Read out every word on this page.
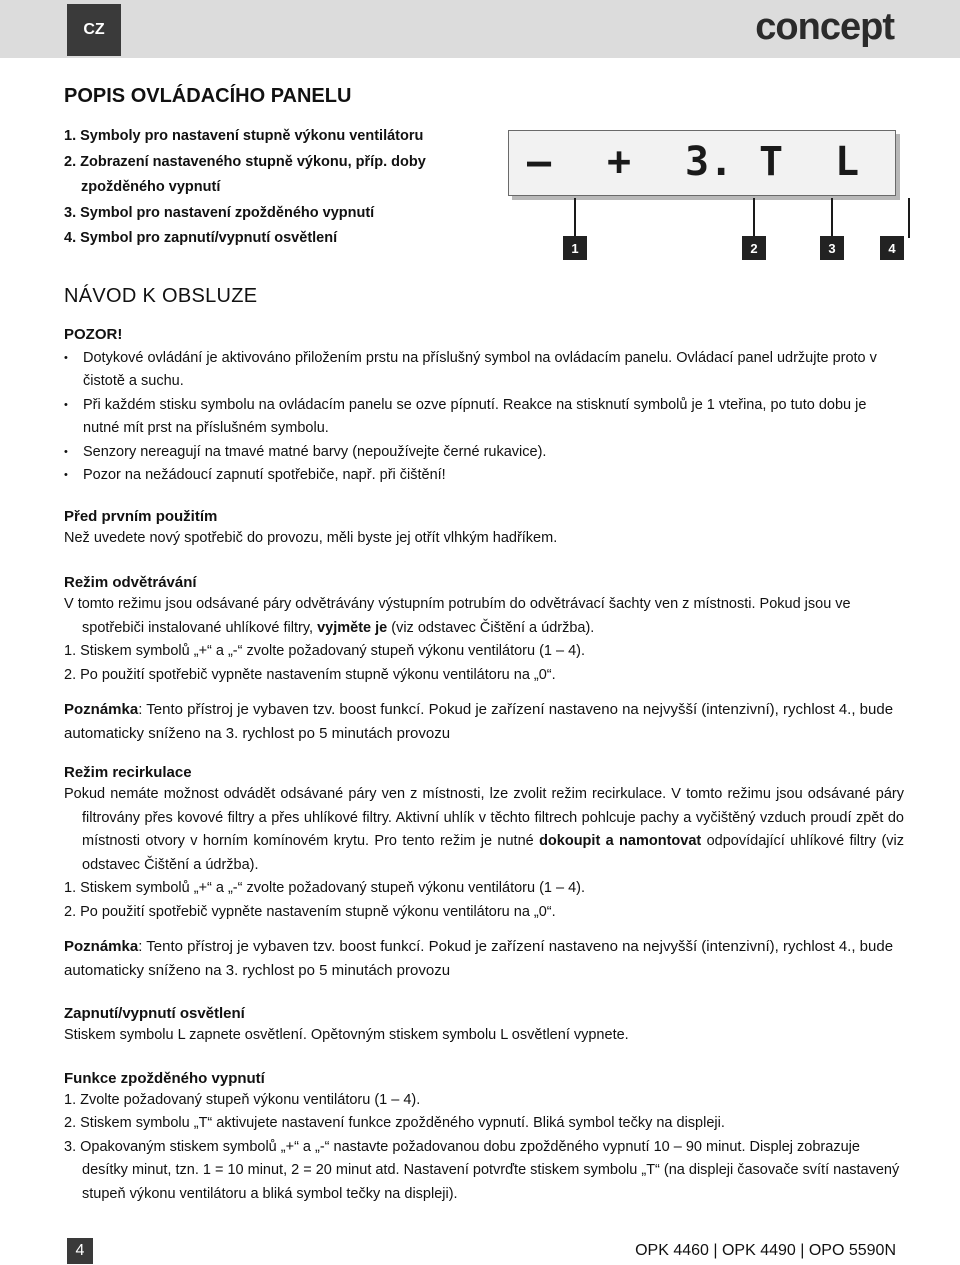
CZ	concept
POPIS OVLÁDACÍHO PANELU
1. Symboly pro nastavení stupně výkonu ventilátoru
2. Zobrazení nastaveného stupně výkonu, příp. doby zpožděného vypnutí
3. Symbol pro nastavení zpožděného vypnutí
4. Symbol pro zapnutí/vypnutí osvětlení
– + 3. T L
1	2	3	4
NÁVOD K OBSLUZE
POZOR!
• Dotykové ovládání je aktivováno přiložením prstu na příslušný symbol na ovládacím panelu. Ovládací panel udržujte proto v čistotě a suchu.
• Při každém stisku symbolu na ovládacím panelu se ozve pípnutí. Reakce na stisknutí symbolů je 1 vteřina, po tuto dobu je nutné mít prst na příslušném symbolu.
• Senzory nereagují na tmavé matné barvy (nepoužívejte černé rukavice).
• Pozor na nežádoucí zapnutí spotřebiče, např. při čištění!
Před prvním použitím

Než uvedete nový spotřebič do provozu, měli byste jej otřít vlhkým hadříkem.

Režim odvětrávání

V tomto režimu jsou odsávané páry odvětrávány výstupním potrubím do odvětrávací šachty ven z místnosti. Pokud jsou ve spotřebiči instalované uhlíkové filtry, vyjměte je (viz odstavec Čištění a údržba).

1. Stiskem symbolů „+“ a „-“ zvolte požadovaný stupeň výkonu ventilátoru (1 – 4).
2. Po použití spotřebič vypněte nastavením stupně výkonu ventilátoru na „0“.

Poznámka: Tento přístroj je vybaven tzv. boost funkcí. Pokud je zařízení nastaveno na nejvyšší (intenzivní), rychlost 4., bude automaticky sníženo na 3. rychlost po 5 minutách provozu

Režim recirkulace

Pokud nemáte možnost odvádět odsávané páry ven z místnosti, lze zvolit režim recirkulace. V tomto režimu jsou odsávané páry filtrovány přes kovové filtry a přes uhlíkové filtry. Aktivní uhlík v těchto filtrech pohlcuje pachy a vyčištěný vzduch proudí zpět do místnosti otvory v horním komínovém krytu. Pro tento režim je nutné dokoupit a namontovat odpovídající uhlíkové filtry (viz odstavec Čištění a údržba).

1. Stiskem symbolů „+“ a „-“ zvolte požadovaný stupeň výkonu ventilátoru (1 – 4).
2. Po použití spotřebič vypněte nastavením stupně výkonu ventilátoru na „0“.

Poznámka: Tento přístroj je vybaven tzv. boost funkcí. Pokud je zařízení nastaveno na nejvyšší (intenzivní), rychlost 4., bude automaticky sníženo na 3. rychlost po 5 minutách provozu

Zapnutí/vypnutí osvětlení

Stiskem symbolu L zapnete osvětlení. Opětovným stiskem symbolu L osvětlení vypnete.

Funkce zpožděného vypnutí
1. Zvolte požadovaný stupeň výkonu ventilátoru (1 – 4).
2. Stiskem symbolu „T“ aktivujete nastavení funkce zpožděného vypnutí. Bliká symbol tečky na displeji.
3. Opakovaným stiskem symbolů „+“ a „-“ nastavte požadovanou dobu zpožděného vypnutí 10 – 90 minut. Displej zobrazuje desítky minut, tzn. 1 = 10 minut, 2 = 20 minut atd. Nastavení potvrďte stiskem symbolu „T“ (na displeji časovače svítí nastavený stupeň výkonu ventilátoru a bliká symbol tečky na displeji).
4	OPK 4460 | OPK 4490 | OPO 5590N
